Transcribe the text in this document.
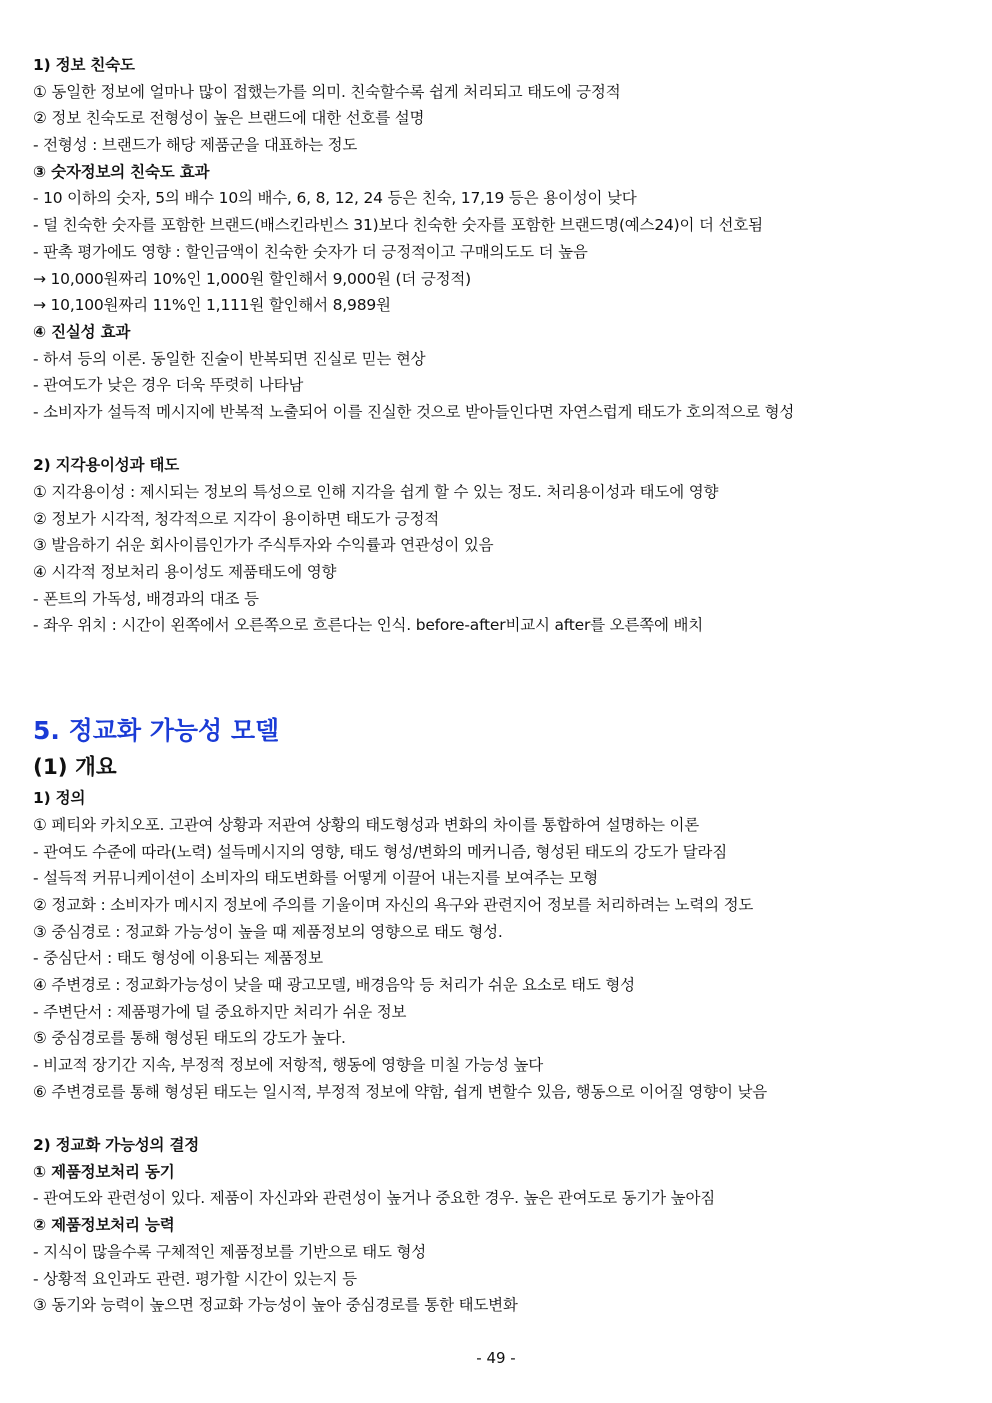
1) 정보 친숙도
① 동일한 정보에 얼마나 많이 접했는가를 의미. 친숙할수록 쉽게 처리되고 태도에 긍정적
② 정보 친숙도로 전형성이 높은 브랜드에 대한 선호를 설명
- 전형성 : 브랜드가 해당 제품군을 대표하는 정도
③ 숫자정보의 친숙도 효과
- 10 이하의 숫자, 5의 배수 10의 배수, 6, 8, 12, 24 등은 친숙, 17,19 등은 용이성이 낮다
- 덜 친숙한 숫자를 포함한 브랜드(배스킨라빈스 31)보다 친숙한 숫자를 포함한 브랜드명(예스24)이 더 선호됨
- 판촉 평가에도 영향 : 할인금액이 친숙한 숫자가 더 긍정적이고 구매의도도 더 높음
→ 10,000원짜리 10%인 1,000원 할인해서 9,000원 (더 긍정적)
→ 10,100원짜리 11%인 1,111원 할인해서 8,989원
④ 진실성 효과
- 하셔 등의 이론. 동일한 진술이 반복되면 진실로 믿는 현상
- 관여도가 낮은 경우 더욱 뚜렷히 나타남
- 소비자가 설득적 메시지에 반복적 노출되어 이를 진실한 것으로 받아들인다면 자연스럽게 태도가 호의적으로 형성
2) 지각용이성과 태도
① 지각용이성 : 제시되는 정보의 특성으로 인해 지각을 쉽게 할 수 있는 정도. 처리용이성과 태도에 영향
② 정보가 시각적, 청각적으로 지각이 용이하면 태도가 긍정적
③ 발음하기 쉬운 회사이름인가가 주식투자와 수익률과 연관성이 있음
④ 시각적 정보처리 용이성도 제품태도에 영향
- 폰트의 가독성, 배경과의 대조 등
- 좌우 위치 : 시간이 왼쪽에서 오른쪽으로 흐른다는 인식. before-after비교시 after를 오른쪽에 배치
5. 정교화 가능성 모델
(1) 개요
1) 정의
① 페티와 카치오포. 고관여 상황과 저관여 상황의 태도형성과 변화의 차이를 통합하여 설명하는 이론
- 관여도 수준에 따라(노력) 설득메시지의 영향, 태도 형성/변화의 메커니즘, 형성된 태도의 강도가 달라짐
- 설득적 커뮤니케이션이 소비자의 태도변화를 어떻게 이끌어 내는지를 보여주는 모형
② 정교화 : 소비자가 메시지 정보에 주의를 기울이며 자신의 욕구와 관련지어 정보를 처리하려는 노력의 정도
③ 중심경로 : 정교화 가능성이 높을 때 제품정보의 영향으로 태도 형성.
- 중심단서 : 태도 형성에 이용되는 제품정보
④ 주변경로 : 정교화가능성이 낮을 때 광고모델, 배경음악 등 처리가 쉬운 요소로 태도 형성
- 주변단서 : 제품평가에 덜 중요하지만 처리가 쉬운 정보
⑤ 중심경로를 통해 형성된 태도의 강도가 높다.
- 비교적 장기간 지속, 부정적 정보에 저항적, 행동에 영향을 미칠 가능성 높다
⑥ 주변경로를 통해 형성된 태도는 일시적, 부정적 정보에 약함, 쉽게 변할수 있음, 행동으로 이어질 영향이 낮음
2) 정교화 가능성의 결정
① 제품정보처리 동기
- 관여도와 관련성이 있다. 제품이 자신과와 관련성이 높거나 중요한 경우. 높은 관여도로 동기가 높아짐
② 제품정보처리 능력
- 지식이 많을수록 구체적인 제품정보를 기반으로 태도 형성
- 상황적 요인과도 관련. 평가할 시간이 있는지 등
③ 동기와 능력이 높으면 정교화 가능성이 높아 중심경로를 통한 태도변화
- 49 -
